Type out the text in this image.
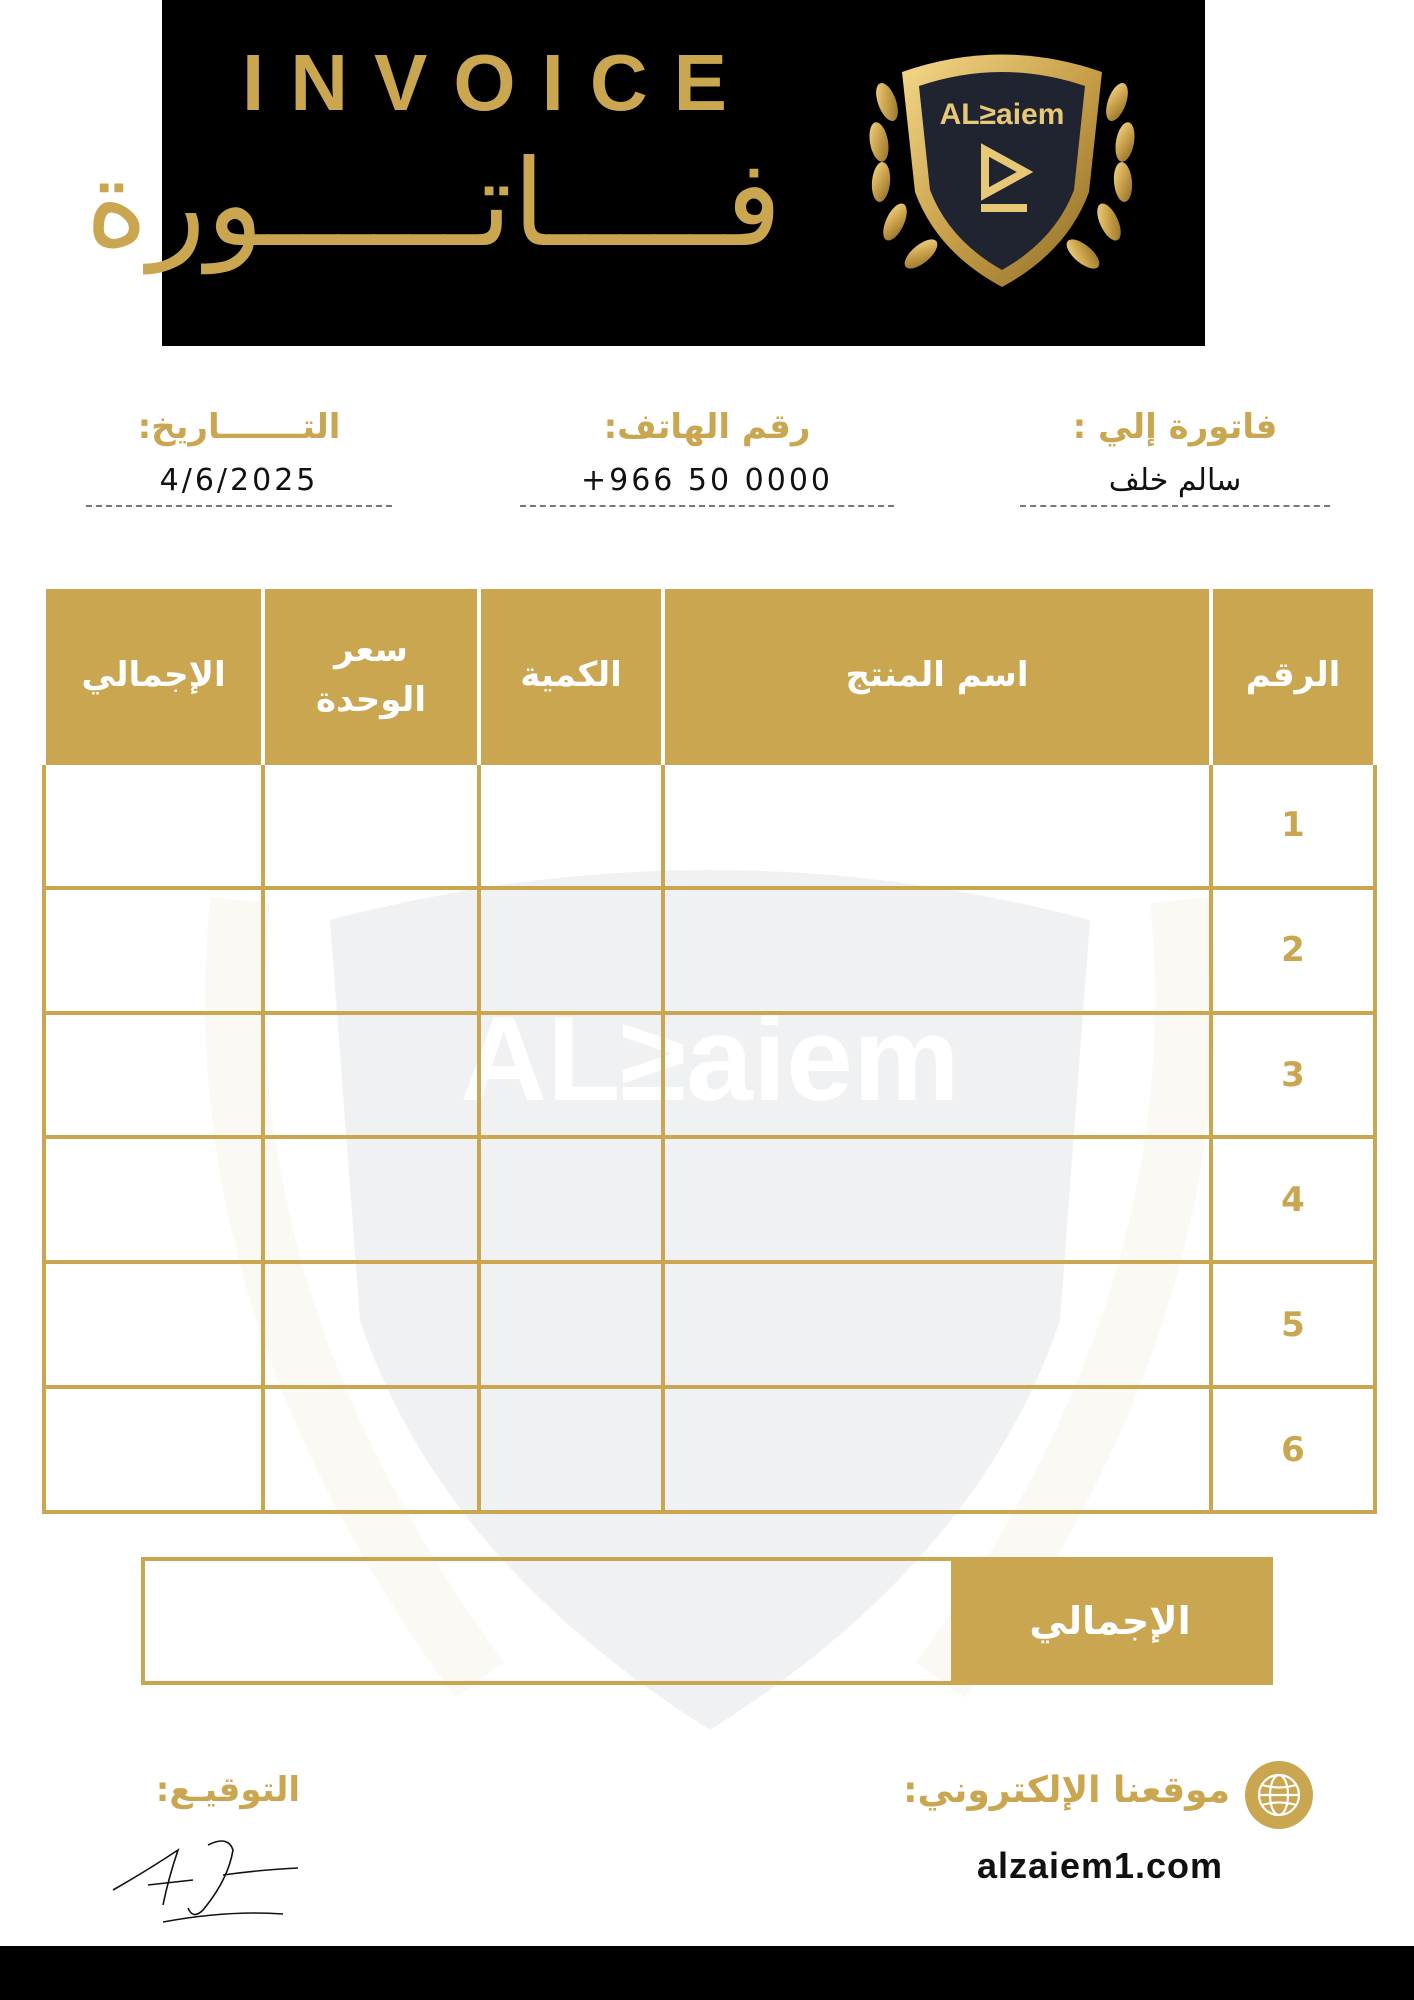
AL≥aiem
INVOICE
فـــــاتــــــورة
AL≥aiem
فاتورة إلي :
سالم خلف
رقم الهاتف:
+966 50 0000
التـــــــاريخ:
4/6/2025
الرقم	اسم المنتج	الكمية	سعر الوحدة	الإجمالي
1				
2				
3				
4				
5				
6				
الإجمالي
التوقيـع:	موقعنا الإلكتروني:
alzaiem1.com
